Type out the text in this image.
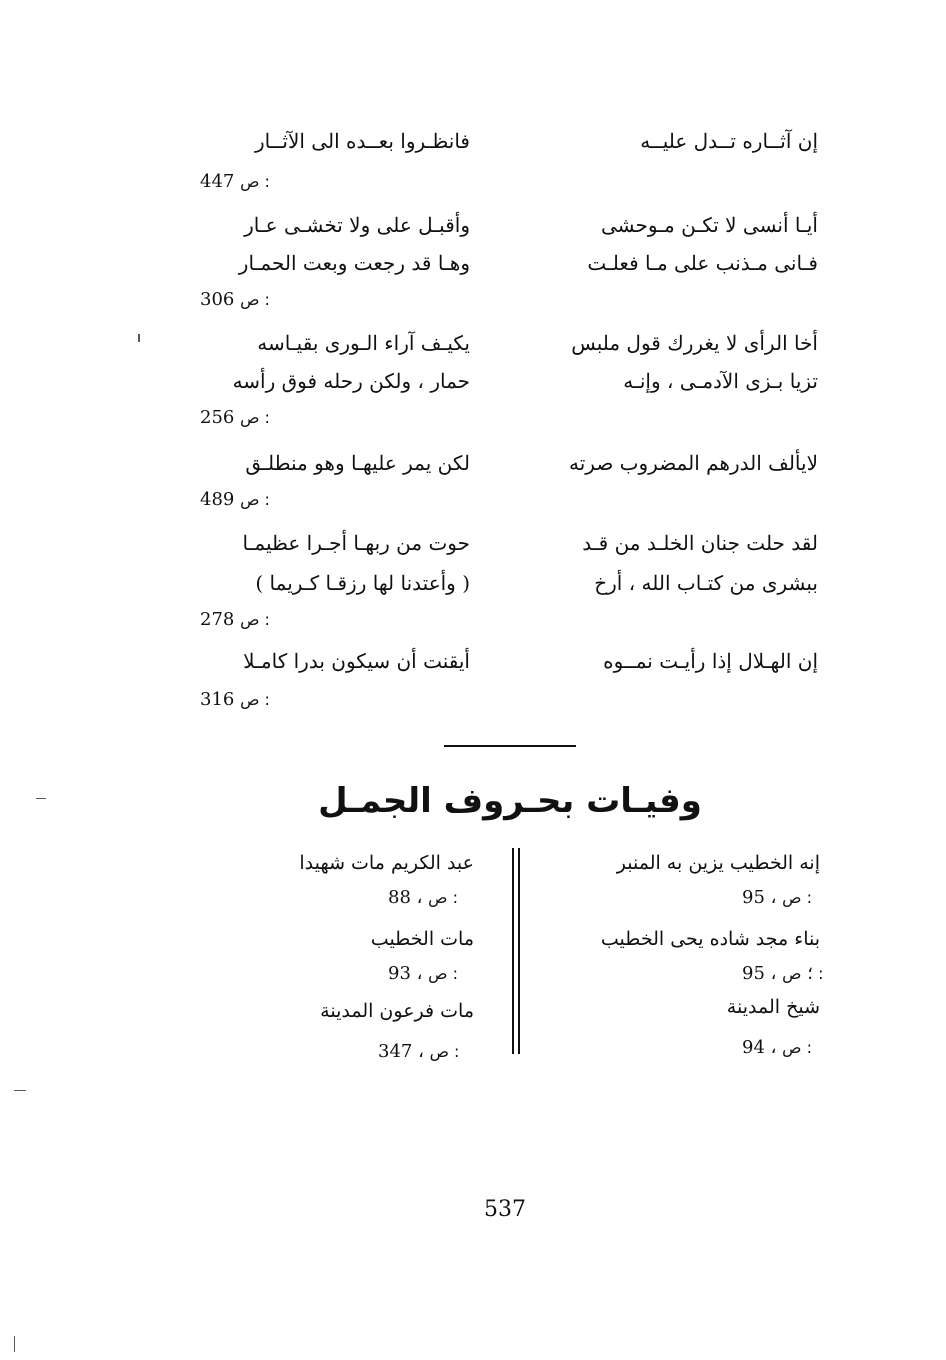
إن آثــاره تــدل عليــه
فانظـروا بعــده الى الآثــار
447 ص :
أيـا أنسى لا تكـن مـوحشى
فـانى مـذنب على مـا فعلـت
وأقبـل على ولا تخشـى عـار
وهـا قد رجعت وبعت الحمـار
306 ص :
أخا الرأى لا يغررك قول ملبس
تزيا بـزى الآدمـى ، وإنـه
يكيـف آراء الـورى بقيـاسه
حمار ، ولكن رحله فوق رأسه
256 ص :
لايألف الدرهم المضروب صرته
لكن يمر عليهـا وهو منطلـق
489 ص :
لقد حلت جنان الخلـد من قـد
ببشرى من كتـاب الله ، أرخ
حوت من ربهـا أجـرا عظيمـا
( وأعتدنا لها رزقـا كـريما )
278 ص :
إن الهـلال إذا رأيـت نمــوه
أيقنت أن سيكون بدرا كامـلا
316 ص :
وفيـات بحـروف الجمـل
إنه الخطيب يزين به المنبر
95 ، ص :
بناء مجد شاده يحى الخطيب
95 ، ؛ ص :
شيخ المدينة
94 ، ص :
عبد الكريم مات شهيدا
88 ، ص :
مات الخطيب
93 ، ص :
مات فرعون المدينة
347 ، ص :
537
